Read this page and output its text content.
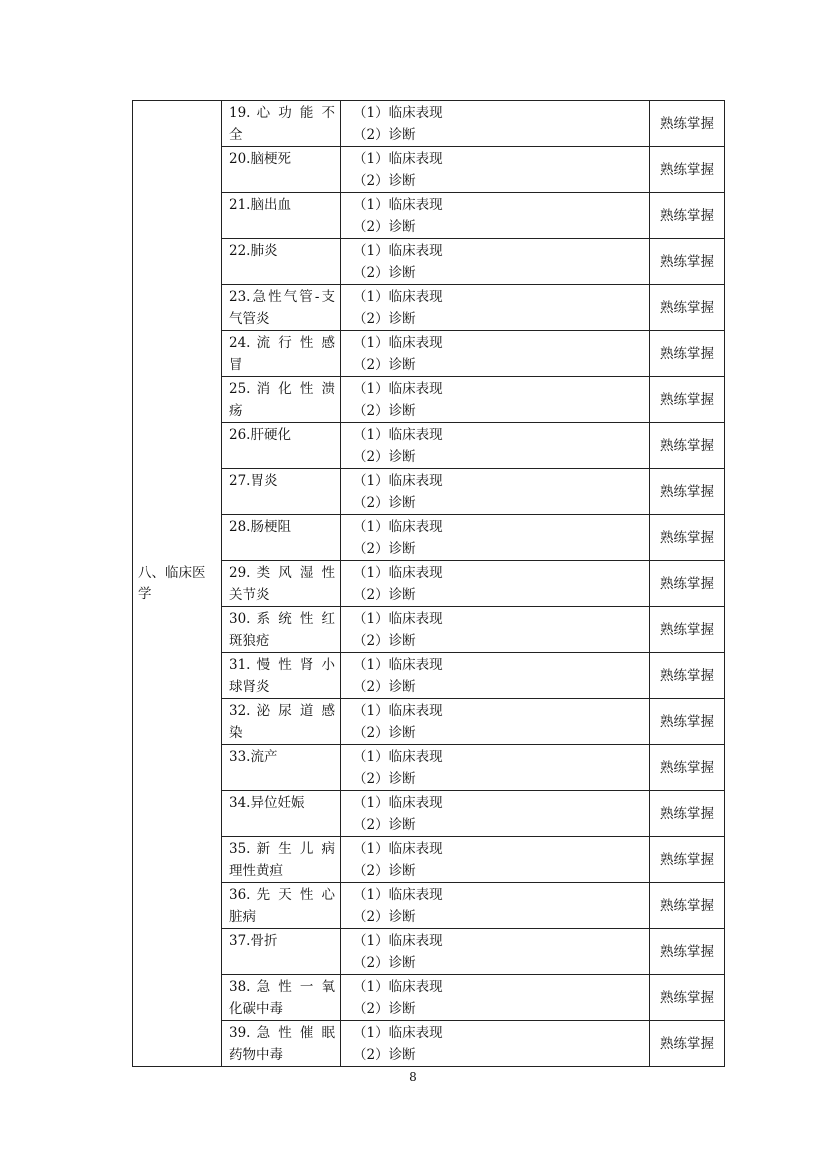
八、临床医学	19. 心 功 能 不 全	（1）临床表现
（2）诊断	熟练掌握

	20.脑梗死	（1）临床表现
（2）诊断	熟练掌握

	21.脑出血	（1）临床表现
（2）诊断	熟练掌握

	22.肺炎	（1）临床表现
（2）诊断	熟练掌握

	23.急性气管-支气管炎	（1）临床表现
（2）诊断	熟练掌握

	24. 流 行 性 感 冒	（1）临床表现
（2）诊断	熟练掌握

	25. 消 化 性 溃 疡	（1）临床表现
（2）诊断	熟练掌握

	26.肝硬化	（1）临床表现
（2）诊断	熟练掌握

	27.胃炎	（1）临床表现
（2）诊断	熟练掌握

	28.肠梗阻	（1）临床表现
（2）诊断	熟练掌握

	29. 类 风 湿 性 关节炎	（1）临床表现
（2）诊断	熟练掌握

	30. 系 统 性 红 斑狼疮	（1）临床表现
（2）诊断	熟练掌握

	31. 慢 性 肾 小 球肾炎	（1）临床表现
（2）诊断	熟练掌握

	32. 泌 尿 道 感 染	（1）临床表现
（2）诊断	熟练掌握

	33.流产	（1）临床表现
（2）诊断	熟练掌握

	34.异位妊娠	（1）临床表现
（2）诊断	熟练掌握

	35. 新 生 儿 病 理性黄疸	（1）临床表现
（2）诊断	熟练掌握

	36. 先 天 性 心 脏病	（1）临床表现
（2）诊断	熟练掌握

	37.骨折	（1）临床表现
（2）诊断	熟练掌握

	38. 急 性 一 氧 化碳中毒	（1）临床表现
（2）诊断	熟练掌握

	39. 急 性 催 眠 药物中毒	（1）临床表现
（2）诊断	熟练掌握
8
